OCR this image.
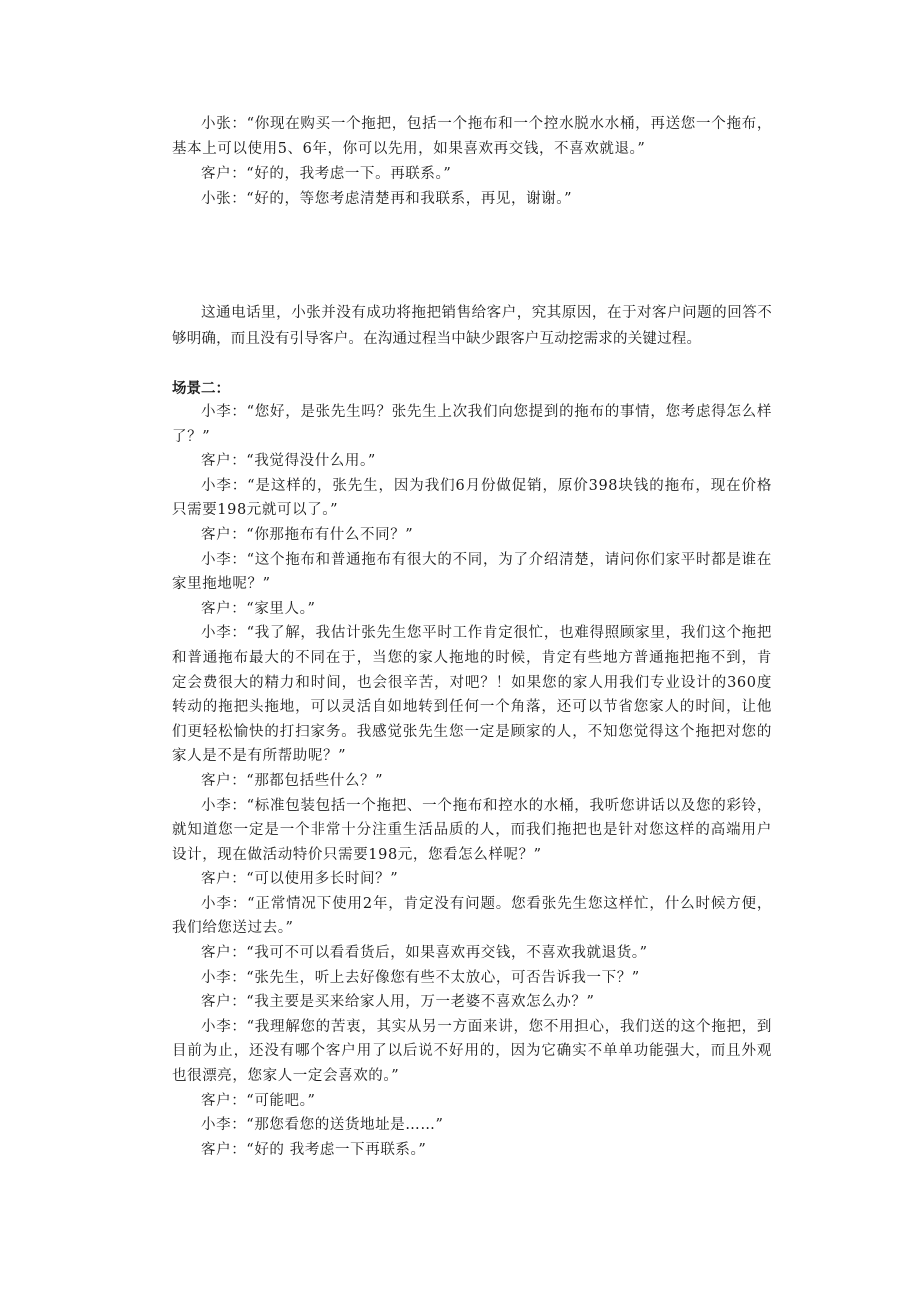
小张：“你现在购买一个拖把，包括一个拖布和一个控水脱水水桶，再送您一个拖布，基本上可以使用5、6年，你可以先用，如果喜欢再交钱，不喜欢就退。”

客户：“好的，我考虑一下。再联系。”

小张：“好的，等您考虑清楚再和我联系，再见，谢谢。”

这通电话里，小张并没有成功将拖把销售给客户，究其原因，在于对客户问题的回答不够明确，而且没有引导客户。在沟通过程当中缺少跟客户互动挖需求的关键过程。

场景二：

小李：“您好，是张先生吗？张先生上次我们向您提到的拖布的事情，您考虑得怎么样了？”

客户：“我觉得没什么用。”

小李：“是这样的，张先生，因为我们6月份做促销，原价398块钱的拖布，现在价格只需要198元就可以了。”

客户：“你那拖布有什么不同？”

小李：“这个拖布和普通拖布有很大的不同，为了介绍清楚，请问你们家平时都是谁在家里拖地呢？”

客户：“家里人。”

小李：“我了解，我估计张先生您平时工作肯定很忙，也难得照顾家里，我们这个拖把和普通拖布最大的不同在于，当您的家人拖地的时候，肯定有些地方普通拖把拖不到，肯定会费很大的精力和时间，也会很辛苦，对吧？！如果您的家人用我们专业设计的360度转动的拖把头拖地，可以灵活自如地转到任何一个角落，还可以节省您家人的时间，让他们更轻松愉快的打扫家务。我感觉张先生您一定是顾家的人，不知您觉得这个拖把对您的家人是不是有所帮助呢？”

客户：“那都包括些什么？”

小李：“标准包装包括一个拖把、一个拖布和控水的水桶，我听您讲话以及您的彩铃，就知道您一定是一个非常十分注重生活品质的人，而我们拖把也是针对您这样的高端用户设计，现在做活动特价只需要198元，您看怎么样呢？”

客户：“可以使用多长时间？”

小李：“正常情况下使用2年，肯定没有问题。您看张先生您这样忙，什么时候方便，我们给您送过去。”

客户：“我可不可以看看货后，如果喜欢再交钱，不喜欢我就退货。”

小李：“张先生，听上去好像您有些不太放心，可否告诉我一下？”

客户：“我主要是买来给家人用，万一老婆不喜欢怎么办？”

小李：“我理解您的苦衷，其实从另一方面来讲，您不用担心，我们送的这个拖把，到目前为止，还没有哪个客户用了以后说不好用的，因为它确实不单单功能强大，而且外观也很漂亮，您家人一定会喜欢的。”

客户：“可能吧。”

小李：“那您看您的送货地址是……”

客户：“好的 我考虑一下再联系。”
